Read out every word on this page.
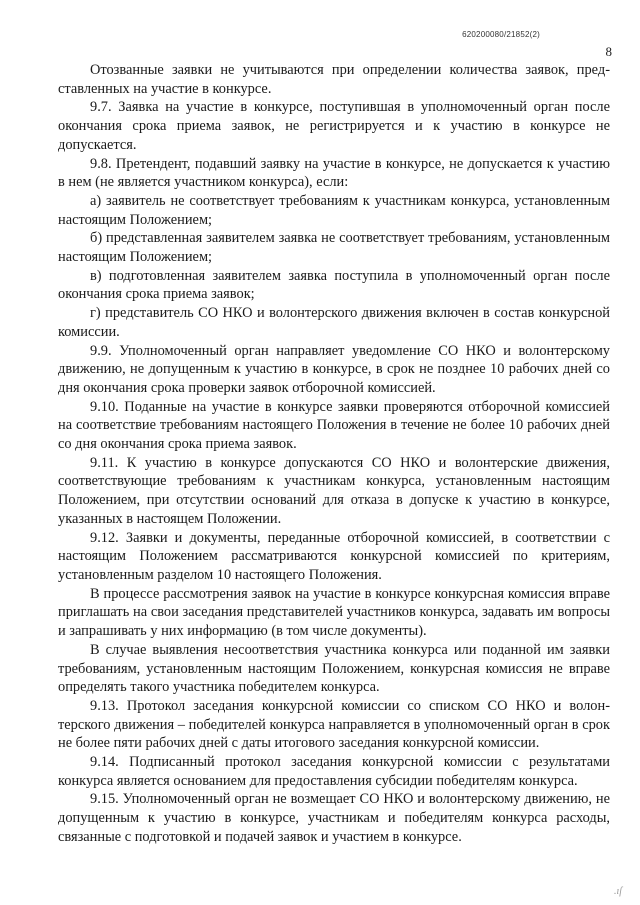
620200080/21852(2)
8

Отозванные заявки не учитываются при определении количества заявок, представленных на участие в конкурсе.

9.7. Заявка на участие в конкурсе, поступившая в уполномоченный орган после окончания срока приема заявок, не регистрируется и к участию в конкурсе не допускается.

9.8. Претендент, подавший заявку на участие в конкурсе, не допускается к участию в нем (не является участником конкурса), если:

а) заявитель не соответствует требованиям к участникам конкурса, установленным настоящим Положением;

б) представленная заявителем заявка не соответствует требованиям, установленным настоящим Положением;

в) подготовленная заявителем заявка поступила в уполномоченный орган после окончания срока приема заявок;

г) представитель СО НКО и волонтерского движения включен в состав конкурсной комиссии.

9.9. Уполномоченный орган направляет уведомление СО НКО и волонтерскому движению, не допущенным к участию в конкурсе, в срок не позднее 10 рабочих дней со дня окончания срока проверки заявок отборочной комиссией.

9.10. Поданные на участие в конкурсе заявки проверяются отборочной комиссией на соответствие требованиям настоящего Положения в течение не более 10 рабочих дней со дня окончания срока приема заявок.

9.11. К участию в конкурсе допускаются СО НКО и волонтерские движения, соответствующие требованиям к участникам конкурса, установленным настоящим Положением, при отсутствии оснований для отказа в допуске к участию в конкурсе, указанных в настоящем Положении.

9.12. Заявки и документы, переданные отборочной комиссией, в соответствии с настоящим Положением рассматриваются конкурсной комиссией по критериям, установленным разделом 10 настоящего Положения.

В процессе рассмотрения заявок на участие в конкурсе конкурсная комиссия вправе приглашать на свои заседания представителей участников конкурса, задавать им вопросы и запрашивать у них информацию (в том числе документы).

В случае выявления несоответствия участника конкурса или поданной им заявки требованиям, установленным настоящим Положением, конкурсная комиссия не вправе определять такого участника победителем конкурса.

9.13. Протокол заседания конкурсной комиссии со списком СО НКО и волонтерского движения – победителей конкурса направляется в уполномоченный орган в срок не более пяти рабочих дней с даты итогового заседания конкурсной комиссии.

9.14. Подписанный протокол заседания конкурсной комиссии с результатами конкурса является основанием для предоставления субсидии победителям конкурса.

9.15. Уполномоченный орган не возмещает СО НКО и волонтерскому движению, не допущенным к участию в конкурсе, участникам и победителям конкурса расходы, связанные с подготовкой и подачей заявок и участием в конкурсе.

.ıſ
